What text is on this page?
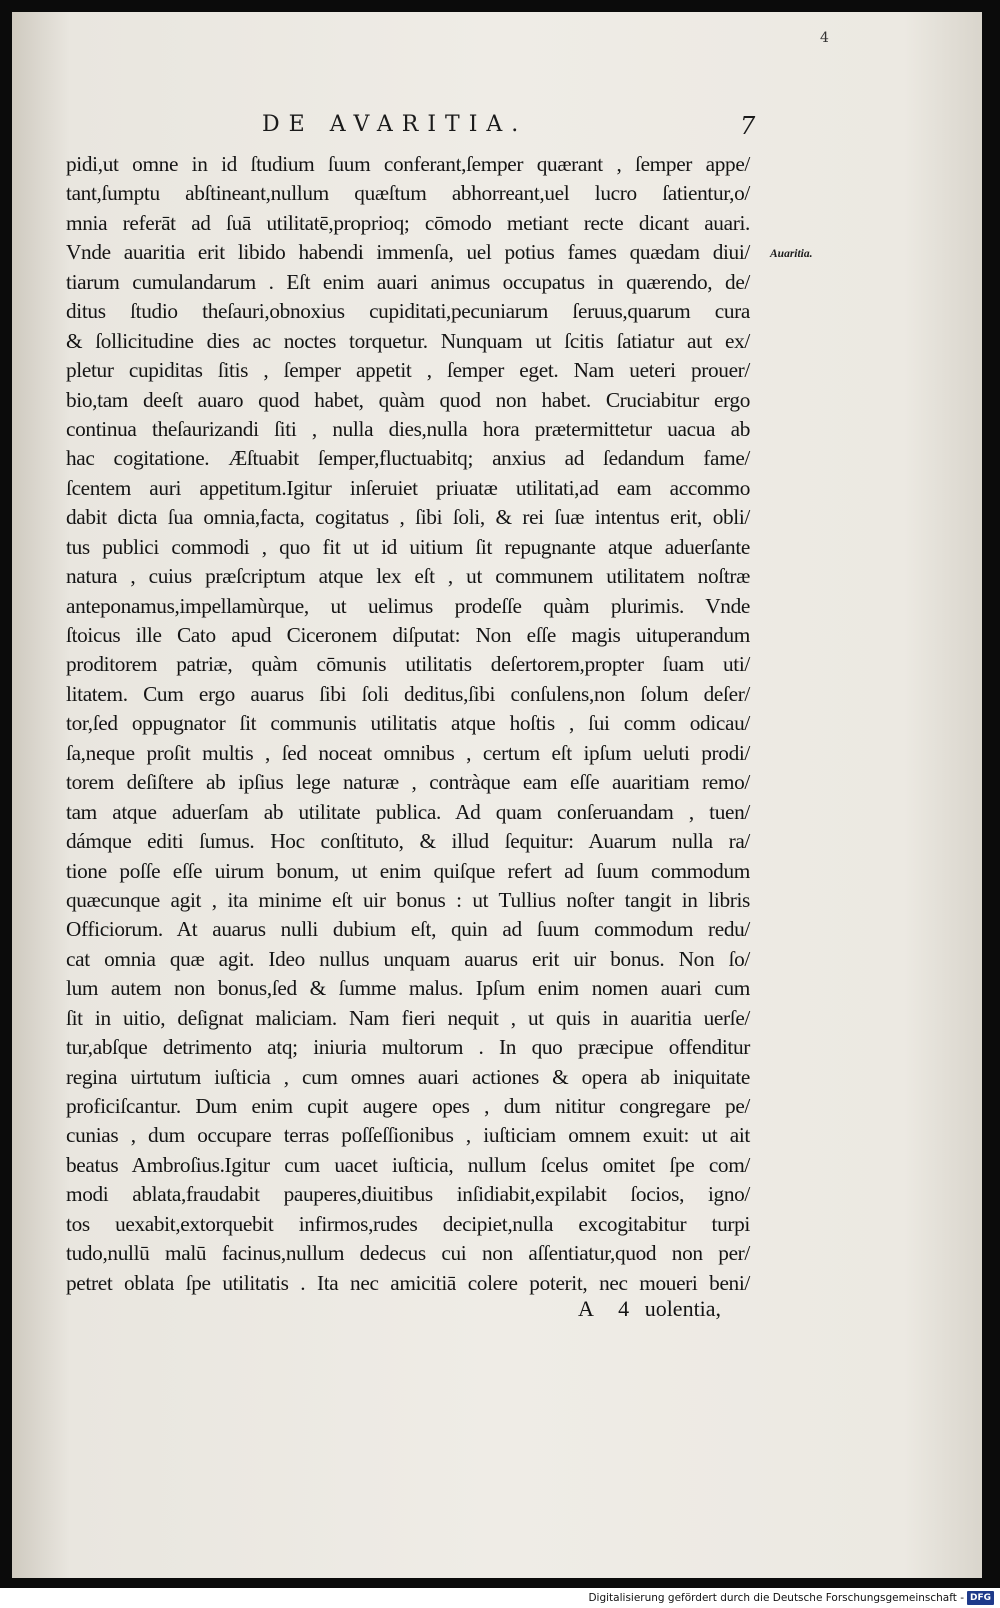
4
DE AVARITIA.	7
pidi,ut omne in id ſtudium ſuum conferant,ſemper quærant , ſemper appe/
tant,ſumptu abſtineant,nullum quæſtum abhorreant,uel lucro ſatientur,o/
mnia referāt ad ſuā utilitatē,proprioq; cōmodo metiant recte dicant auari.
Vnde auaritia erit libido habendi immenſa, uel potius fames quædam diui/
tiarum cumulandarum . Eſt enim auari animus occupatus in quærendo, de/
ditus ſtudio theſauri,obnoxius cupiditati,pecuniarum ſeruus,quarum cura
& ſollicitudine dies ac noctes torquetur. Nunquam ut ſcitis ſatiatur aut ex/
pletur cupiditas ſitis , ſemper appetit , ſemper eget. Nam ueteri prouer/
bio,tam deeſt auaro quod habet, quàm quod non habet. Cruciabitur ergo
continua theſaurizandi ſiti , nulla dies,nulla hora prætermittetur uacua ab
hac cogitatione. Æſtuabit ſemper,fluctuabitq; anxius ad ſedandum fame/
ſcentem auri appetitum.Igitur inſeruiet priuatæ utilitati,ad eam accommo
dabit dicta ſua omnia,facta, cogitatus , ſibi ſoli, & rei ſuæ intentus erit, obli/
tus publici commodi , quo fit ut id uitium ſit repugnante atque aduerſante
natura , cuius præſcriptum atque lex eſt , ut communem utilitatem noſtræ
anteponamus,impellamùrque, ut uelimus prodeſſe quàm plurimis. Vnde
ſtoicus ille Cato apud Ciceronem diſputat: Non eſſe magis uituperandum
proditorem patriæ, quàm cōmunis utilitatis deſertorem,propter ſuam uti/
litatem. Cum ergo auarus ſibi ſoli deditus,ſibi conſulens,non ſolum deſer/
tor,ſed oppugnator ſit communis utilitatis atque hoſtis , ſui comm odicau/
ſa,neque proſit multis , ſed noceat omnibus , certum eſt ipſum ueluti prodi/
torem deſiſtere ab ipſius lege naturæ , contràque eam eſſe auaritiam remo/
tam atque aduerſam ab utilitate publica. Ad quam conſeruandam , tuen/
dámque editi ſumus. Hoc conſtituto, & illud ſequitur: Auarum nulla ra/
tione poſſe eſſe uirum bonum, ut enim quiſque refert ad ſuum commodum
quæcunque agit , ita minime eſt uir bonus : ut Tullius noſter tangit in libris
Officiorum. At auarus nulli dubium eſt, quin ad ſuum commodum redu/
cat omnia quæ agit. Ideo nullus unquam auarus erit uir bonus. Non ſo/
lum autem non bonus,ſed & ſumme malus. Ipſum enim nomen auari cum
ſit in uitio, deſignat maliciam. Nam fieri nequit , ut quis in auaritia uerſe/
tur,abſque detrimento atq; iniuria multorum . In quo præcipue offenditur
regina uirtutum iuſticia , cum omnes auari actiones & opera ab iniquitate
proficiſcantur. Dum enim cupit augere opes , dum nititur congregare pe/
cunias , dum occupare terras poſſeſſionibus , iuſticiam omnem exuit: ut ait
beatus Ambroſius.Igitur cum uacet iuſticia, nullum ſcelus omitet ſpe com/
modi ablata,fraudabit pauperes,diuitibus inſidiabit,expilabit ſocios, igno/
tos uexabit,extorquebit infirmos,rudes decipiet,nulla excogitabitur turpi
tudo,nullū malū facinus,nullum dedecus cui non aſſentiatur,quod non per/
petret oblata ſpe utilitatis . Ita nec amicitiā colere poterit, nec moueri beni/
Auaritia.
A 4 uolentia,
Digitalisierung gefördert durch die Deutsche Forschungsgemeinschaft - DFG
